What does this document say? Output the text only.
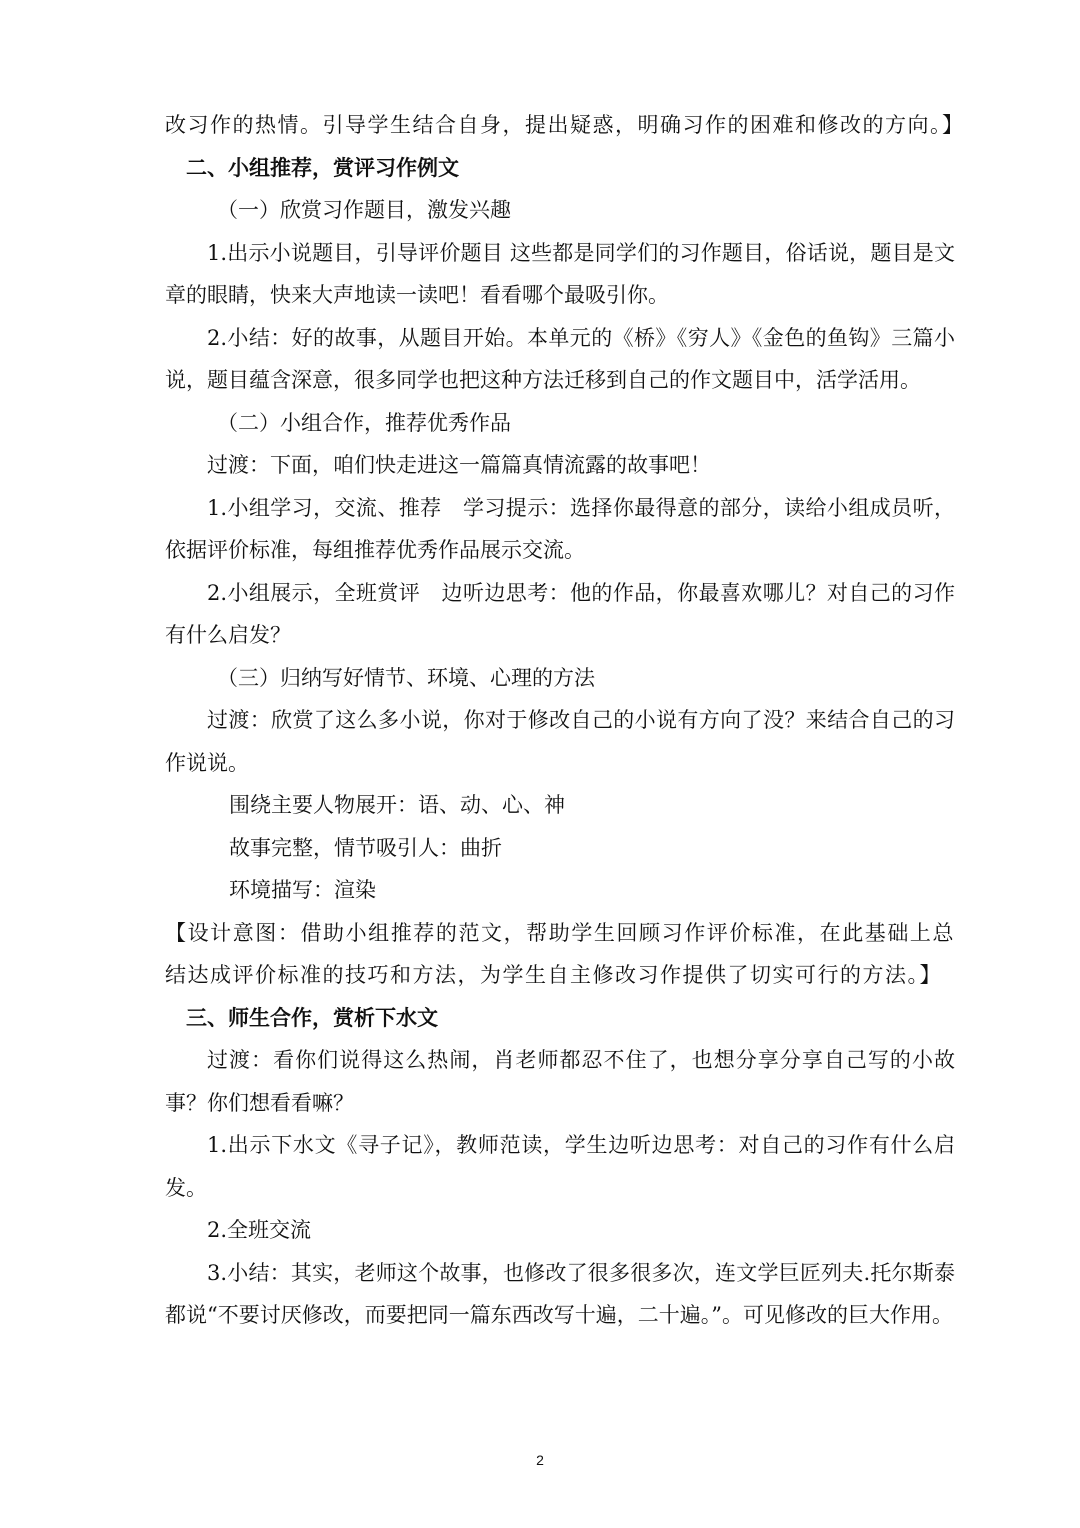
改习作的热情。引导学生结合自身，提出疑惑，明确习作的困难和修改的方向。】

二、小组推荐，赏评习作例文

（一）欣赏习作题目，激发兴趣

1.出示小说题目，引导评价题目 这些都是同学们的习作题目，俗话说，题目是文章的眼睛，快来大声地读一读吧！看看哪个最吸引你。

2.小结：好的故事，从题目开始。本单元的《桥》《穷人》《金色的鱼钩》三篇小说，题目蕴含深意，很多同学也把这种方法迁移到自己的作文题目中，活学活用。

（二）小组合作，推荐优秀作品

过渡：下面，咱们快走进这一篇篇真情流露的故事吧！

1.小组学习，交流、推荐　学习提示：选择你最得意的部分，读给小组成员听，依据评价标准，每组推荐优秀作品展示交流。

2.小组展示，全班赏评　边听边思考：他的作品，你最喜欢哪儿？对自己的习作有什么启发？

（三）归纳写好情节、环境、心理的方法

过渡：欣赏了这么多小说，你对于修改自己的小说有方向了没？来结合自己的习作说说。

围绕主要人物展开：语、动、心、神

故事完整，情节吸引人：曲折

环境描写：渲染

【设计意图：借助小组推荐的范文，帮助学生回顾习作评价标准，在此基础上总结达成评价标准的技巧和方法，为学生自主修改习作提供了切实可行的方法。】

三、师生合作，赏析下水文

过渡：看你们说得这么热闹，肖老师都忍不住了，也想分享分享自己写的小故事？你们想看看嘛？

1.出示下水文《寻子记》，教师范读，学生边听边思考：对自己的习作有什么启发。

2.全班交流

3.小结：其实，老师这个故事，也修改了很多很多次，连文学巨匠列夫.托尔斯泰都说“不要讨厌修改，而要把同一篇东西改写十遍，二十遍。”。可见修改的巨大作用。

2
